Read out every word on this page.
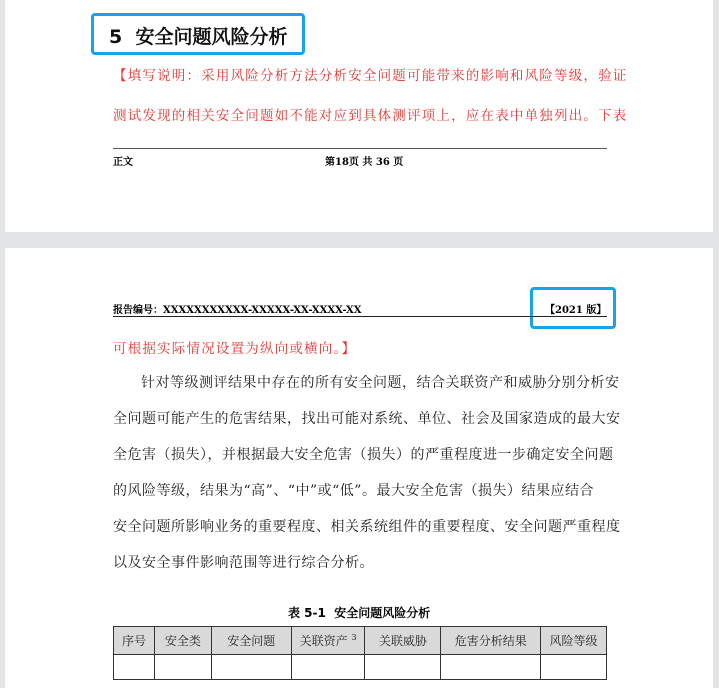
5 安全问题风险分析
【填写说明：采用风险分析方法分析安全问题可能带来的影响和风险等级，验证
测试发现的相关安全问题如不能对应到具体测评项上，应在表中单独列出。下表
正文	第18页 共 36 页
报告编号：XXXXXXXXXXX-XXXXX-XX-XXXX-XX	【2021 版】
可根据实际情况设置为纵向或横向。】
针对等级测评结果中存在的所有安全问题，结合关联资产和威胁分别分析安
全问题可能产生的危害结果，找出可能对系统、单位、社会及国家造成的最大安
全危害（损失），并根据最大安全危害（损失）的严重程度进一步确定安全问题
的风险等级，结果为“高”、“中”或“低”。最大安全危害（损失）结果应结合
安全问题所影响业务的重要程度、相关系统组件的重要程度、安全问题严重程度
以及安全事件影响范围等进行综合分析。
表 5-1  安全问题风险分析
序号	安全类	安全问题	关联资产 $^3$	关联威胁	危害分析结果	风险等级
